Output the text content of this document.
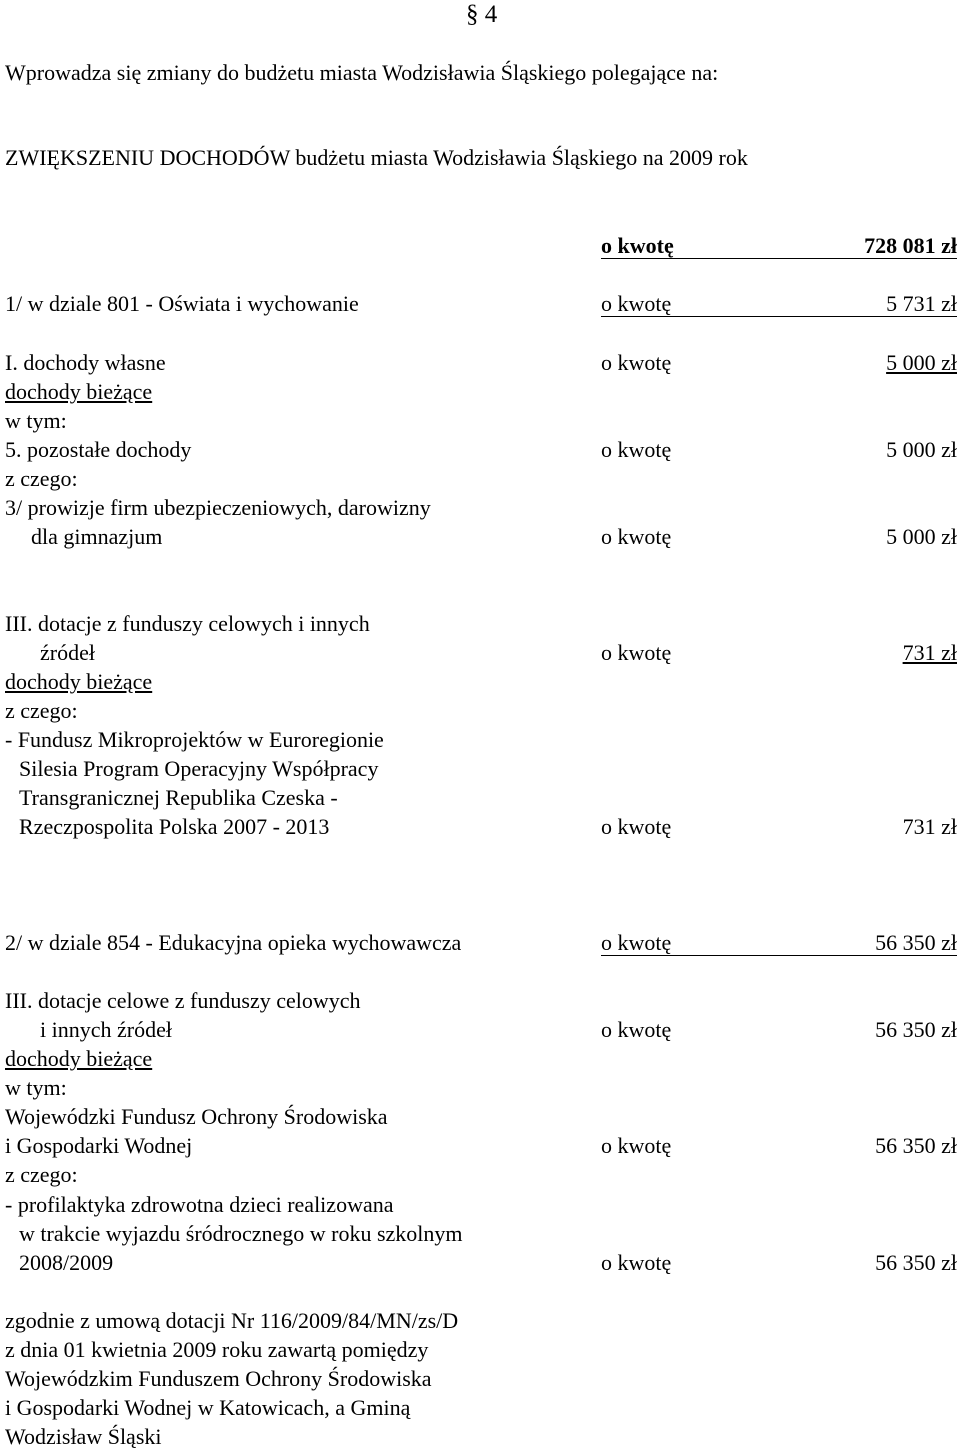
§ 4
Wprowadza się zmiany do budżetu miasta Wodzisławia Śląskiego polegające na:
ZWIĘKSZENIU DOCHODÓW budżetu miasta Wodzisławia Śląskiego na 2009 rok
o kwotę	728 081 zł
1/ w dziale 801 - Oświata i wychowanie	o kwotę	5 731 zł
I. dochody własne	o kwotę	5 000 zł
dochody bieżące
w tym:
5. pozostałe dochody	o kwotę	5 000 zł
z czego:
3/ prowizje firm ubezpieczeniowych, darowizny
dla gimnazjum	o kwotę	5 000 zł
III. dotacje z funduszy celowych i innych
źródeł	o kwotę	731 zł
dochody bieżące
z czego:
- Fundusz Mikroprojektów w Euroregionie
Silesia Program Operacyjny Współpracy
Transgranicznej Republika Czeska -
Rzeczpospolita Polska 2007 - 2013	o kwotę	731 zł
2/ w dziale 854 - Edukacyjna opieka wychowawcza	o kwotę	56 350 zł
III. dotacje celowe z funduszy celowych
i innych źródeł	o kwotę	56 350 zł
dochody bieżące
w tym:
Wojewódzki Fundusz Ochrony Środowiska
i Gospodarki Wodnej	o kwotę	56 350 zł
z czego:
- profilaktyka zdrowotna dzieci realizowana
w trakcie wyjazdu śródrocznego w roku szkolnym
2008/2009	o kwotę	56 350 zł
zgodnie z umową dotacji Nr 116/2009/84/MN/zs/D
z dnia 01 kwietnia 2009 roku zawartą pomiędzy
Wojewódzkim Funduszem Ochrony Środowiska
i Gospodarki Wodnej w Katowicach, a Gminą
Wodzisław Śląski
